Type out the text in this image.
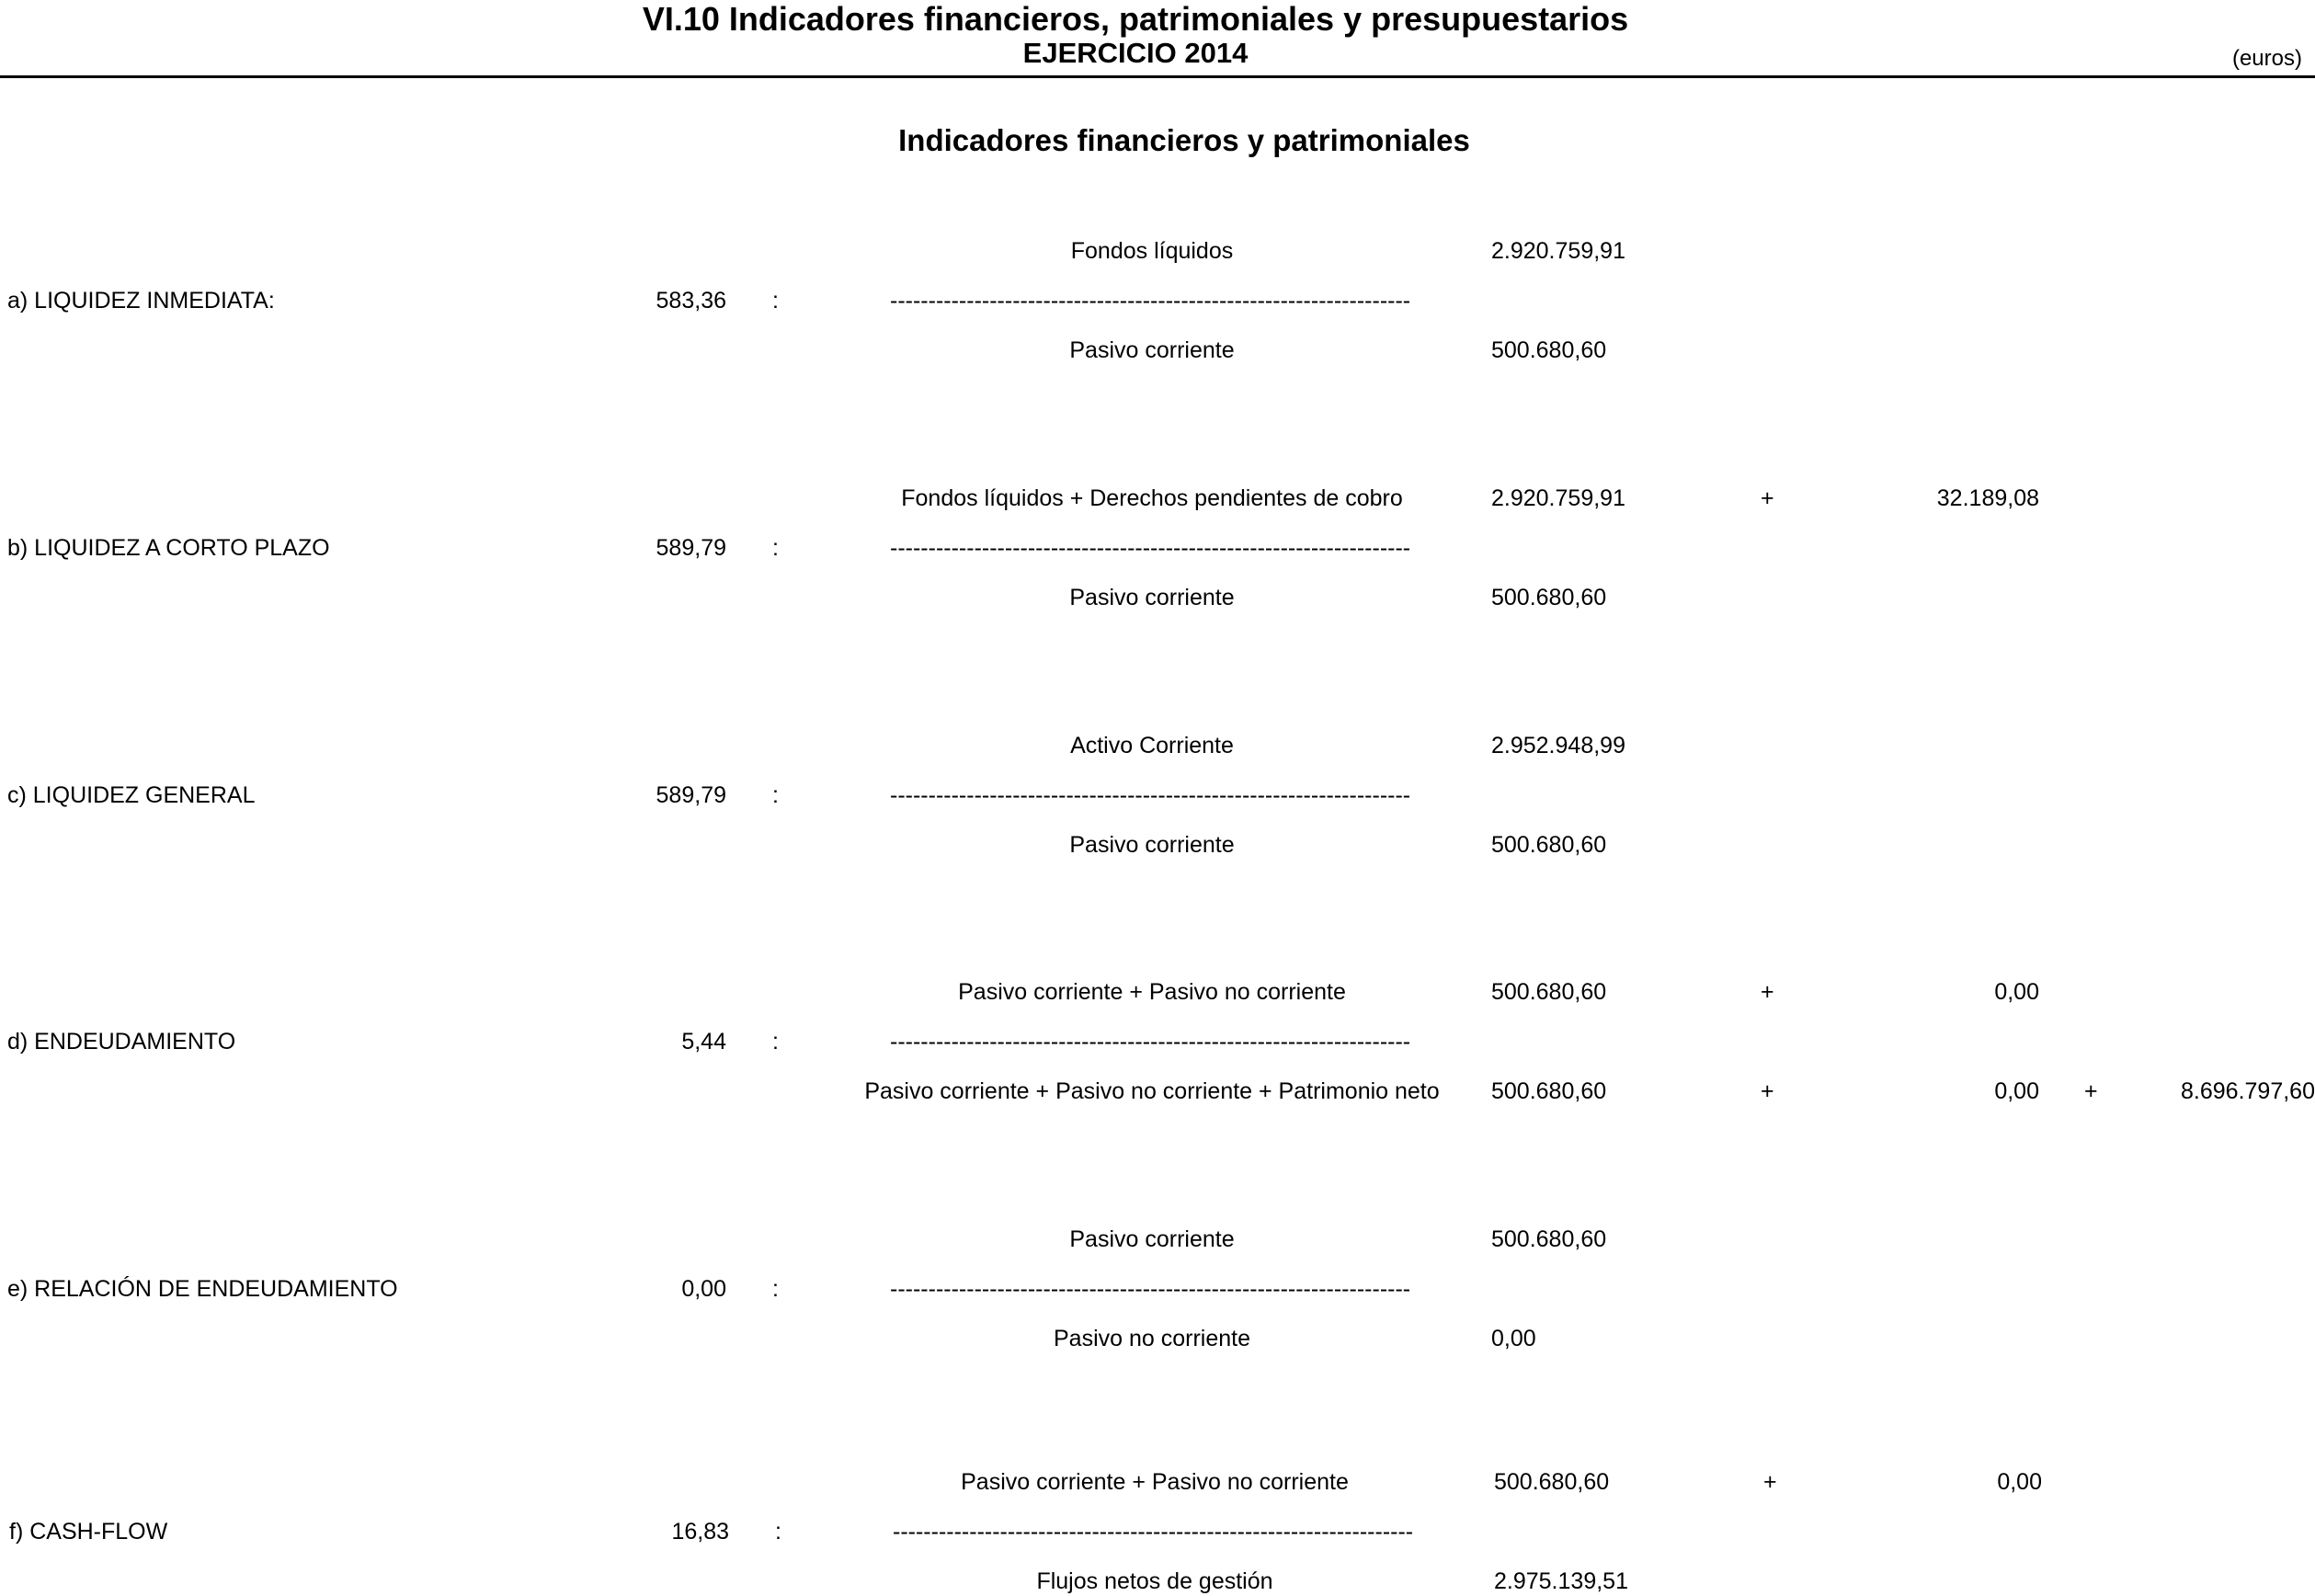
VI.10 Indicadores financieros, patrimoniales y presupuestarios
EJERCICIO 2014	(euros)
Indicadores financieros y patrimoniales
Fondos líquidos	2.920.759,91
a) LIQUIDEZ INMEDIATA:	583,36 :	--------------------------------------------------------------------
Pasivo corriente	500.680,60
Fondos líquidos + Derechos pendientes de cobro	2.920.759,91	+	32.189,08
b) LIQUIDEZ A CORTO PLAZO	589,79 :	--------------------------------------------------------------------
Pasivo corriente	500.680,60
Activo Corriente	2.952.948,99
c) LIQUIDEZ GENERAL	589,79 :	--------------------------------------------------------------------
Pasivo corriente	500.680,60
Pasivo corriente + Pasivo no corriente	500.680,60	+	0,00
d) ENDEUDAMIENTO	5,44 :	--------------------------------------------------------------------
Pasivo corriente + Pasivo no corriente + Patrimonio neto	500.680,60	+	0,00 +	8.696.797,60
Pasivo corriente	500.680,60
e) RELACIÓN DE ENDEUDAMIENTO	0,00 :	--------------------------------------------------------------------
Pasivo no corriente	0,00
Pasivo corriente + Pasivo no corriente	500.680,60	+	0,00
f) CASH-FLOW	16,83 :	--------------------------------------------------------------------
Flujos netos de gestión	2.975.139,51
